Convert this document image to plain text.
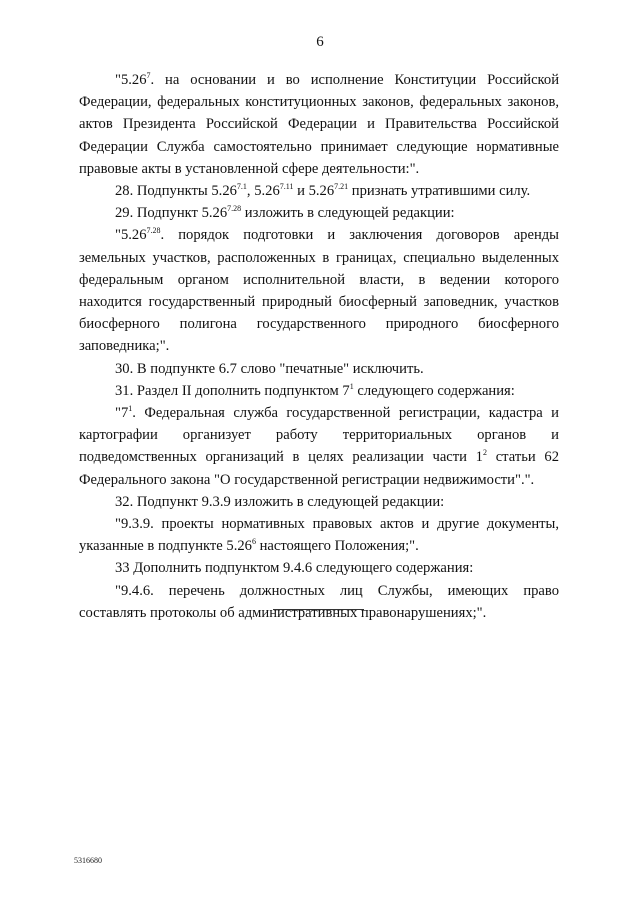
6

"5.26$^7$. на основании и во исполнение Конституции Российской Федерации, федеральных конституционных законов, федеральных законов, актов Президента Российской Федерации и Правительства Российской Федерации Служба самостоятельно принимает следующие нормативные правовые акты в установленной сфере деятельности:".

28. Подпункты $5.26^{7.1}$, $5.26^{7.11}$ и $5.26^{7.21}$ признать утратившими силу.

29. Подпункт $5.26^{7.28}$ изложить в следующей редакции:

"$5.26^{7.28}$. порядок подготовки и заключения договоров аренды земельных участков, расположенных в границах, специально выделенных федеральным органом исполнительной власти, в ведении которого находится государственный природный биосферный заповедник, участков биосферного полигона государственного природного биосферного заповедника;".

30. В подпункте 6.7 слово "печатные" исключить.

31. Раздел II дополнить подпунктом $7^1$ следующего содержания:

"$7^1$. Федеральная служба государственной регистрации, кадастра и картографии организует работу территориальных органов и подведомственных организаций в целях реализации части $1^2$ статьи 62 Федерального закона "О государственной регистрации недвижимости".".

32. Подпункт 9.3.9 изложить в следующей редакции:

"9.3.9. проекты нормативных правовых актов и другие документы, указанные в подпункте 5.26$^6$ настоящего Положения;".

33 Дополнить подпунктом 9.4.6 следующего содержания:

"9.4.6. перечень должностных лиц Службы, имеющих право составлять протоколы об административных правонарушениях;".

5316680
